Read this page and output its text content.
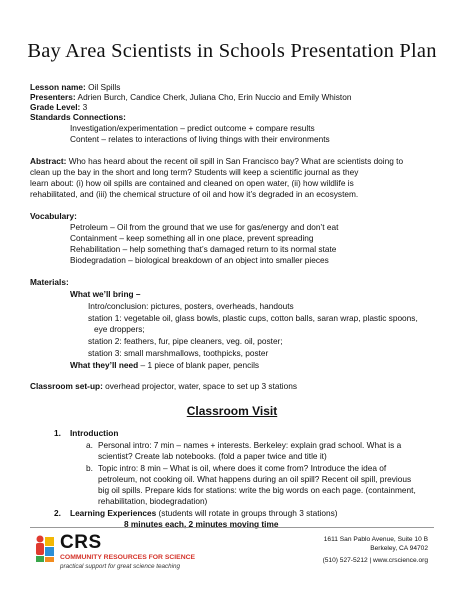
Bay Area Scientists in Schools Presentation Plan
Lesson name: Oil Spills
Presenters: Adrien Burch, Candice Cherk, Juliana Cho, Erin Nuccio and Emily Whiston
Grade Level: 3
Standards Connections:
Investigation/experimentation – predict outcome + compare results
Content – relates to interactions of living things with their environments
Abstract: Who has heard about the recent oil spill in San Francisco bay? What are scientists doing to
clean up the bay in the short and long term? Students will keep a scientific journal as they
learn about: (i) how oil spills are contained and cleaned on open water, (ii) how wildlife is
rehabilitated, and (iii) the chemical structure of oil and how it’s degraded in an ecosystem.
Vocabulary:
Petroleum – Oil from the ground that we use for gas/energy and don’t eat
Containment – keep something all in one place, prevent spreading
Rehabilitation – help something that’s damaged return to its normal state
Biodegradation – biological breakdown of an object into smaller pieces
Materials:
What we’ll bring –
Intro/conclusion: pictures, posters, overheads, handouts
station 1: vegetable oil, glass bowls, plastic cups, cotton balls, saran wrap, plastic spoons,
eye droppers;
station 2: feathers, fur, pipe cleaners, veg. oil, poster;
station 3: small marshmallows, toothpicks, poster
What they’ll need – 1 piece of blank paper, pencils
Classroom set-up: overhead projector, water, space to set up 3 stations
Classroom Visit
1. Introduction
a. Personal intro: 7 min – names + interests. Berkeley: explain grad school. What is a
scientist? Create lab notebooks. (fold a paper twice and title it)
b. Topic intro: 8 min – What is oil, where does it come from? Introduce the idea of
petroleum, not cooking oil. What happens during an oil spill? Recent oil spill, previous
big oil spills. Prepare kids for stations: write the big words on each page. (containment,
rehabilitation, biodegradation)
2. Learning Experiences (students will rotate in groups through 3 stations)
8 minutes each, 2 minutes moving time
CRS
COMMUNITY RESOURCES FOR SCIENCE
practical support for great science teaching
1611 San Pablo Avenue, Suite 10 B
Berkeley, CA 94702
(510) 527-5212 | www.crscience.org
